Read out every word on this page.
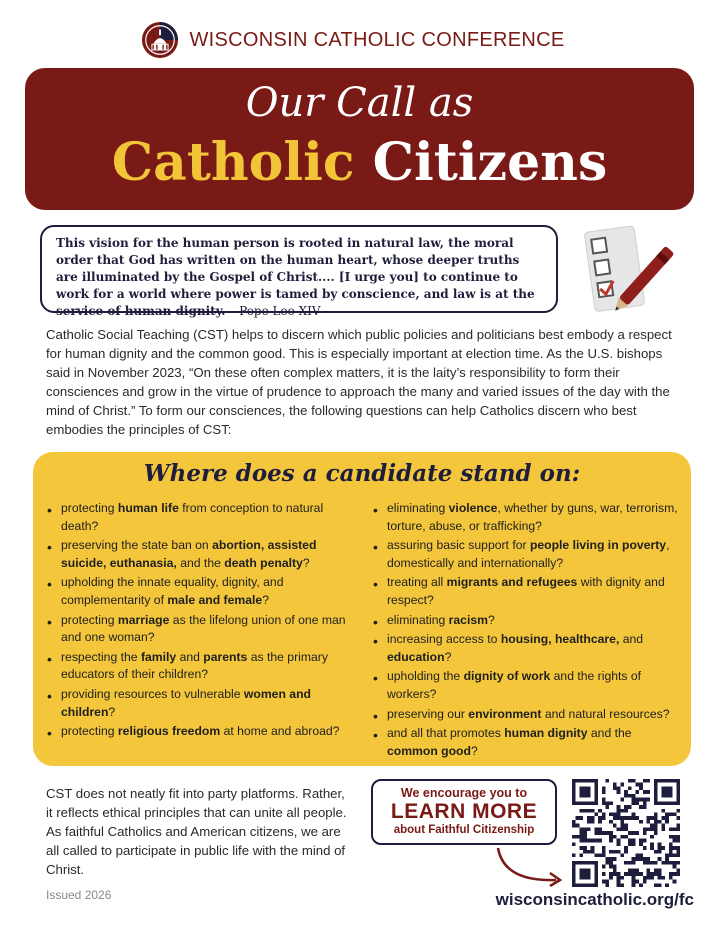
WISCONSIN CATHOLIC CONFERENCE
Our Call as
Catholic Citizens
This vision for the human person is rooted in natural law, the moral order that God has written on the human heart, whose deeper truths are illuminated by the Gospel of Christ.... [I urge you] to continue to work for a world where power is tamed by conscience, and law is at the service of human dignity. – Pope Leo XIV

Catholic Social Teaching (CST) helps to discern which public policies and politicians best embody a respect for human dignity and the common good. This is especially important at election time. As the U.S. bishops said in November 2023, “On these often complex matters, it is the laity’s responsibility to form their consciences and grow in the virtue of prudence to approach the many and varied issues of the day with the mind of Christ.” To form our consciences, the following questions can help Catholics discern who best embodies the principles of CST:

Where does a candidate stand on:
• protecting human life from conception to natural death?
• preserving the state ban on abortion, assisted suicide, euthanasia, and the death penalty?
• upholding the innate equality, dignity, and complementarity of male and female?
• protecting marriage as the lifelong union of one man and one woman?
• respecting the family and parents as the primary educators of their children?
• providing resources to vulnerable women and children?
• protecting religious freedom at home and abroad?
• eliminating violence, whether by guns, war, terrorism, torture, abuse, or trafficking?
• assuring basic support for people living in poverty, domestically and internationally?
• treating all migrants and refugees with dignity and respect?
• eliminating racism?
• increasing access to housing, healthcare, and education?
• upholding the dignity of work and the rights of workers?
• preserving our environment and natural resources?
• and all that promotes human dignity and the common good?

CST does not neatly fit into party platforms. Rather, it reflects ethical principles that can unite all people. As faithful Catholics and American citizens, we are all called to participate in public life with the mind of Christ.

Issued 2026
We encourage you to
LEARN MORE
about Faithful Citizenship
wisconsincatholic.org/fc
